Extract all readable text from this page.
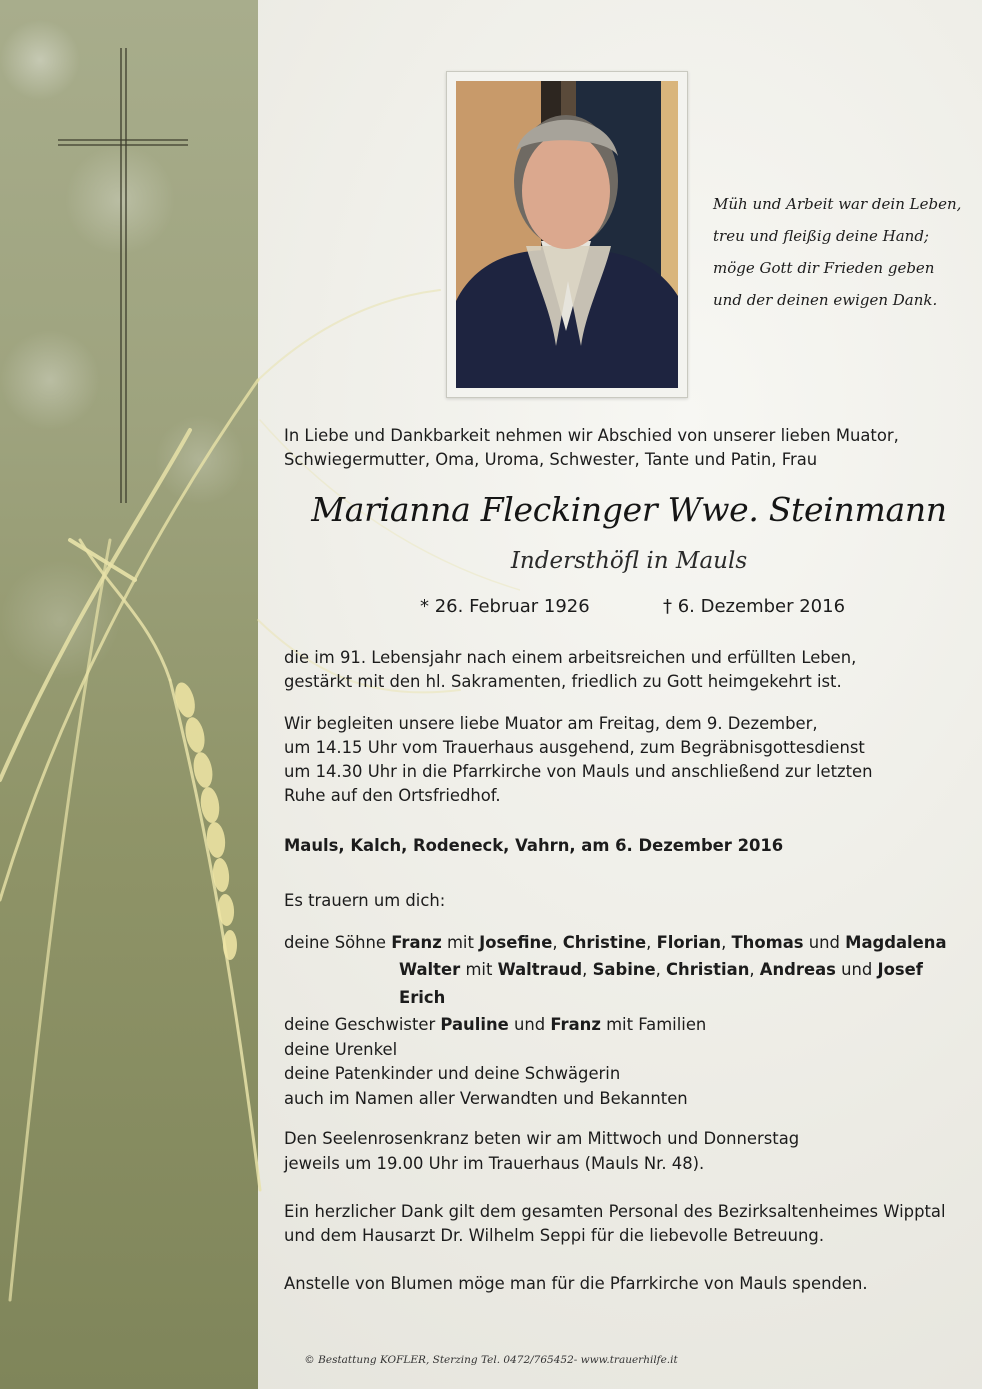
Müh und Arbeit war dein Leben,
treu und fleißig deine Hand;
möge Gott dir Frieden geben
und der deinen ewigen Dank.
In Liebe und Dankbarkeit nehmen wir Abschied von unserer lieben Muator,
Schwiegermutter, Oma, Uroma, Schwester, Tante und Patin, Frau
Marianna Fleckinger Wwe. Steinmann
Indersthöfl in Mauls
* 26. Februar 1926	† 6. Dezember 2016
die im 91. Lebensjahr nach einem arbeitsreichen und erfüllten Leben,
gestärkt mit den hl. Sakramenten, friedlich zu Gott heimgekehrt ist.
Wir begleiten unsere liebe Muator am Freitag, dem 9. Dezember,
um 14.15 Uhr vom Trauerhaus ausgehend, zum Begräbnisgottesdienst
um 14.30 Uhr in die Pfarrkirche von Mauls und anschließend zur letzten
Ruhe auf den Ortsfriedhof.
Mauls, Kalch, Rodeneck, Vahrn, am 6. Dezember 2016
Es trauern um dich:
deine Söhne Franz mit Josefine, Christine, Florian, Thomas und Magdalena
Walter mit Waltraud, Sabine, Christian, Andreas und Josef
Erich
deine Geschwister Pauline und Franz mit Familien
deine Urenkel
deine Patenkinder und deine Schwägerin
auch im Namen aller Verwandten und Bekannten
Den Seelenrosenkranz beten wir am Mittwoch und Donnerstag
jeweils um 19.00 Uhr im Trauerhaus (Mauls Nr. 48).
Ein herzlicher Dank gilt dem gesamten Personal des Bezirksaltenheimes Wipptal
und dem Hausarzt Dr. Wilhelm Seppi für die liebevolle Betreuung.
Anstelle von Blumen möge man für die Pfarrkirche von Mauls spenden.
© Bestattung KOFLER, Sterzing Tel. 0472/765452- www.trauerhilfe.it
